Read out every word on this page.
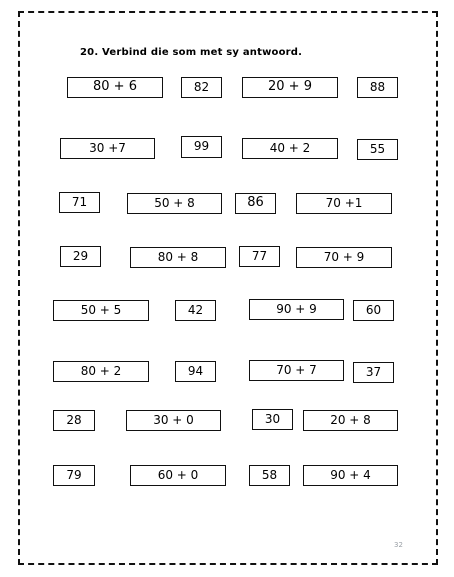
20. Verbind die som met sy antwoord.
80 + 6	82	20 + 9	88
30 +7	99	40 + 2	55
71	50 + 8	86	70 +1
29	80 + 8	77	70 + 9
50 + 5	42	90 + 9	60
80 + 2	94	70 + 7	37
28	30 + 0	30	20 + 8
79	60 + 0	58	90 + 4
32
